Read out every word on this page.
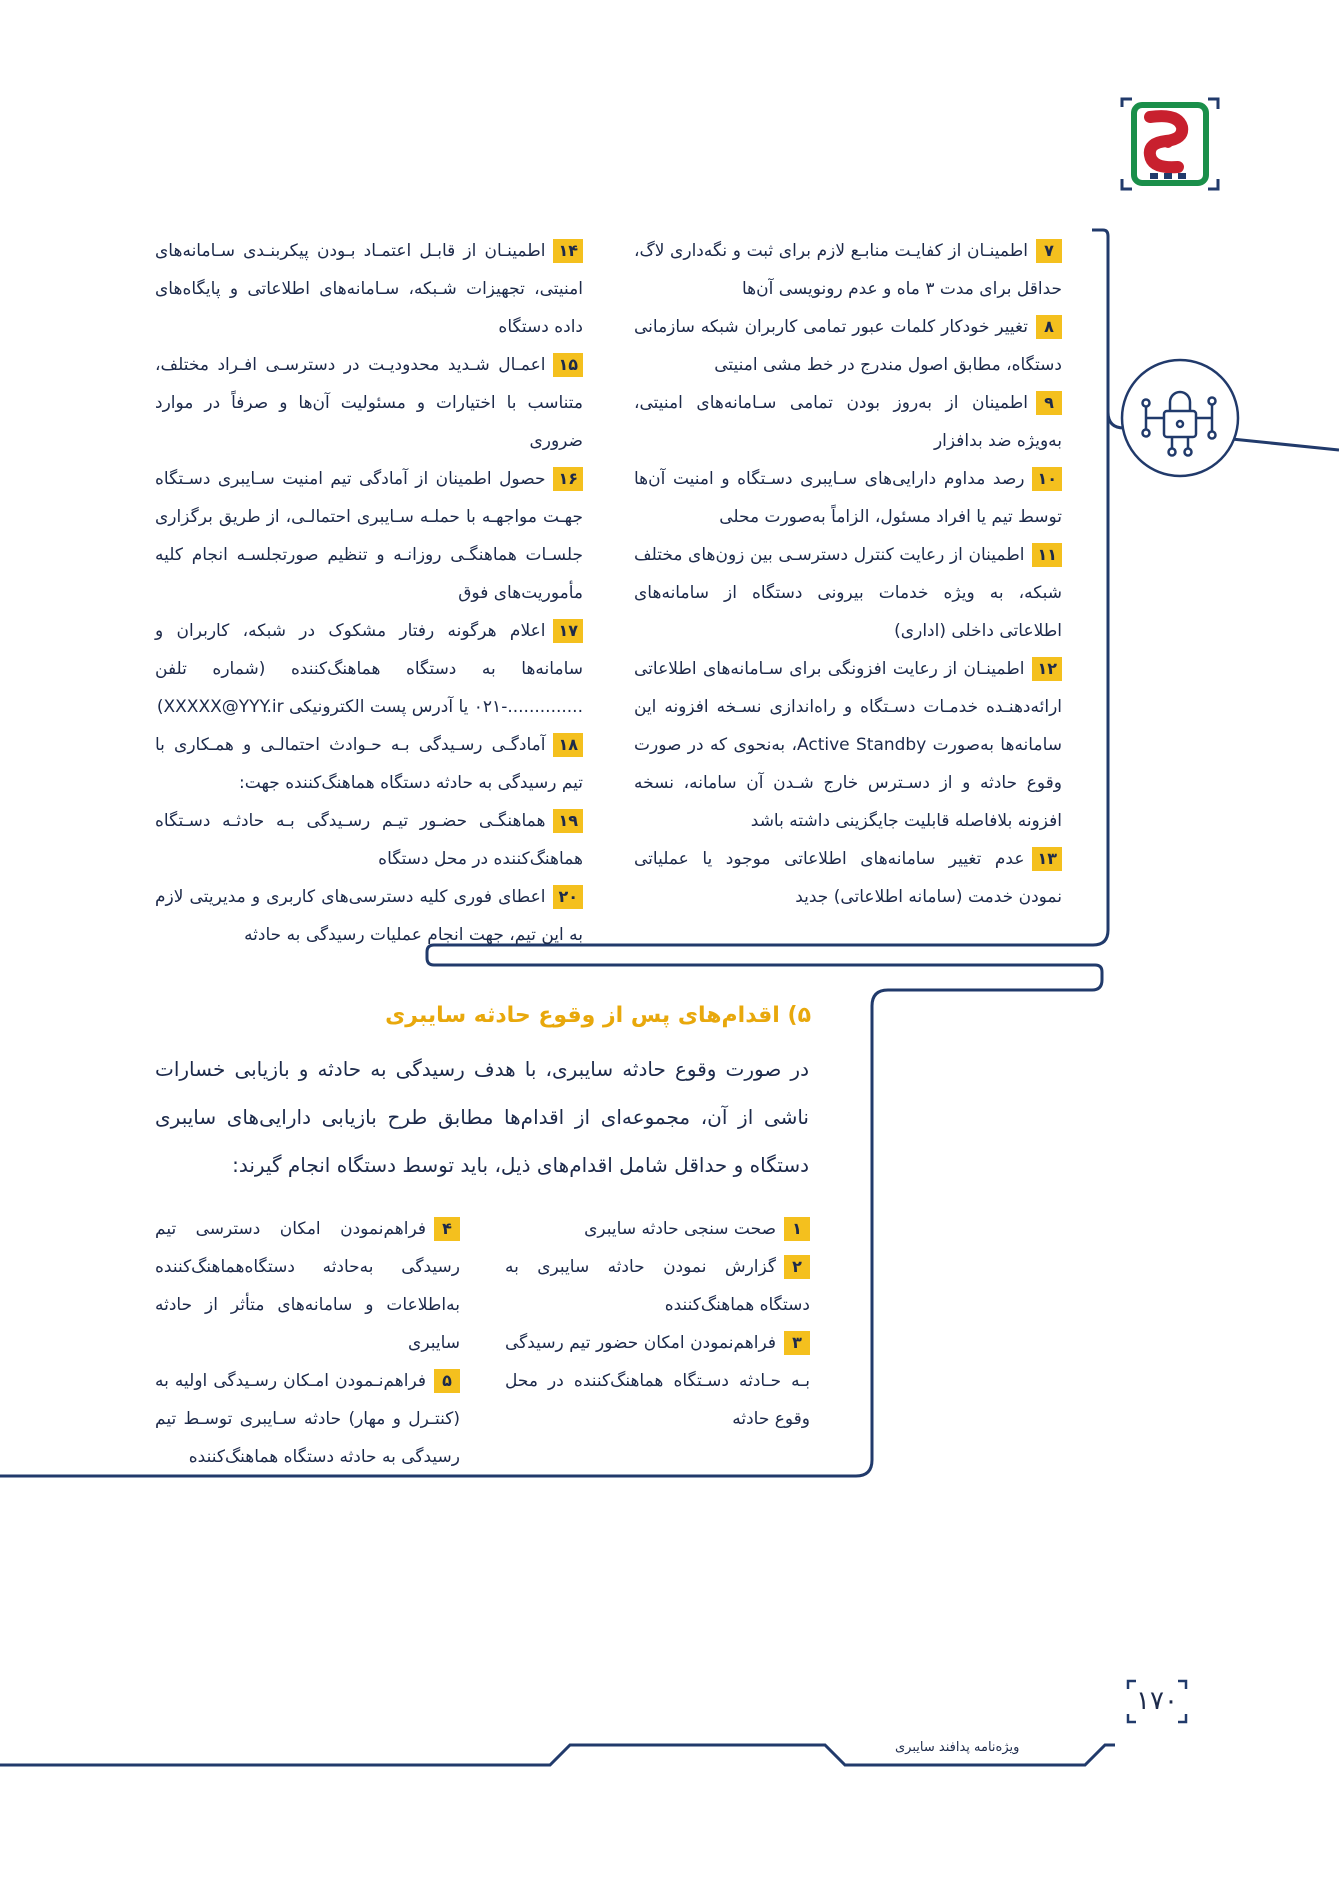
۷اطمینـان از کفایـت منابـع لازم برای ثبت و نگه‌داری لاگ، حداقل برای مدت ۳ ماه و عدم رونویسی آن‌ها

۸تغییر خودکار کلمات عبور تمامی کاربران شبکه سازمانی دستگاه، مطابق اصول مندرج در خط مشی امنیتی

۹اطمینان از به‌روز بودن تمامی سـامانه‌های امنیتی، به‌ویژه ضد بدافزار

۱۰رصد مداوم دارایی‌های سـایبری دسـتگاه و امنیت آن‌ها توسط تیم یا افراد مسئول، الزاماً به‌صورت محلی

۱۱اطمینان از رعایت کنترل دسترسـی بین زون‌های مختلف شبکه، به ویژه خدمات بیرونی دستگاه از سامانه‌های اطلاعاتی داخلی (اداری)

۱۲اطمینـان از رعایت افزونگی برای سـامانه‌های اطلاعاتی ارائه‌دهنـده خدمـات دسـتگاه و راه‌اندازی نسـخه افزونه این سامانه‌ها به‌صورت Active Standby، به‌نحوی که در صورت وقوع حادثه و از دسـترس خارج شـدن آن سامانه، نسخه افزونه بلافاصله قابلیت جایگزینی داشته باشد

۱۳عدم تغییر سامانه‌های اطلاعاتی موجود یا عملیاتی نمودن خدمت (سامانه اطلاعاتی) جدید

۱۴اطمینـان از قابـل اعتمـاد بـودن پیکربنـدی سـامانه‌های امنیتی، تجهیزات شـبکه، سـامانه‌های اطلاعاتی و پایگاه‌های داده دستگاه

۱۵اعمـال شـدید محدودیـت در دسترسـی افـراد مختلف، متناسب با اختیارات و مسئولیت آن‌ها و صرفاً در موارد ضروری

۱۶حصول اطمینان از آمادگی تیم امنیت سـایبری دسـتگاه جهـت مواجهـه با حملـه سـایبری احتمالـی، از طریق برگزاری جلسـات هماهنگـی روزانـه و تنظیم صورتجلسـه انجام کلیه مأموریت‌های فوق

۱۷اعلام هرگونه رفتار مشکوک در شبکه، کاربران و سامانه‌ها به دستگاه هماهنگ‌کننده (شماره تلفن ..............-۰۲۱ یا آدرس پست الکترونیکی XXXXX@YYY.ir)

۱۸آمادگـی رسـیدگی بـه حـوادث احتمالـی و همـکاری با تیم رسیدگی به حادثه دستگاه هماهنگ‌کننده جهت:

۱۹هماهنگـی حضـور تیـم رسـیدگی بـه حادثـه دسـتگاه هماهنگ‌کننده در محل دستگاه

۲۰اعطای فوری کلیه دسترسی‌های کاربری و مدیریتی لازم به این تیم، جهت انجام عملیات رسیدگی به حادثه

۵) اقدام‌های پس از وقوع حادثه سایبری
در صورت وقوع حادثه سایبری، با هدف رسیدگی به حادثه و بازیابی خسارات ناشی از آن، مجموعه‌ای از اقدام‌ها مطابق طرح بازیابی دارایی‌های سایبری دستگاه و حداقل شامل اقدام‌های ذیل، باید توسط دستگاه انجام گیرند:

۱صحت سنجی حادثه سایبری

۲گزارش نمودن حادثه سایبری به دستگاه هماهنگ‌کننده

۳فراهم‌نمودن امکان حضور تیم رسیدگی بـه حـادثه دسـتگاه هماهنگ‌کننده در محل وقوع حادثه

۴فراهم‌نمودن امکان دسترسی تیم رسیدگی به‌حادثه دستگاه‌هماهنگ‌کننده به‌اطلاعات و سامانه‌های متأثر از حادثه سایبری

۵فراهم‌نـمودن امـکان رسـیدگی اولیه به (کنتـرل و مهار) حادثه سـایبری توسـط تیم رسیدگی به حادثه دستگاه هماهنگ‌کننده

ویژه‌نامه پدافند سایبری
۱۷۰
